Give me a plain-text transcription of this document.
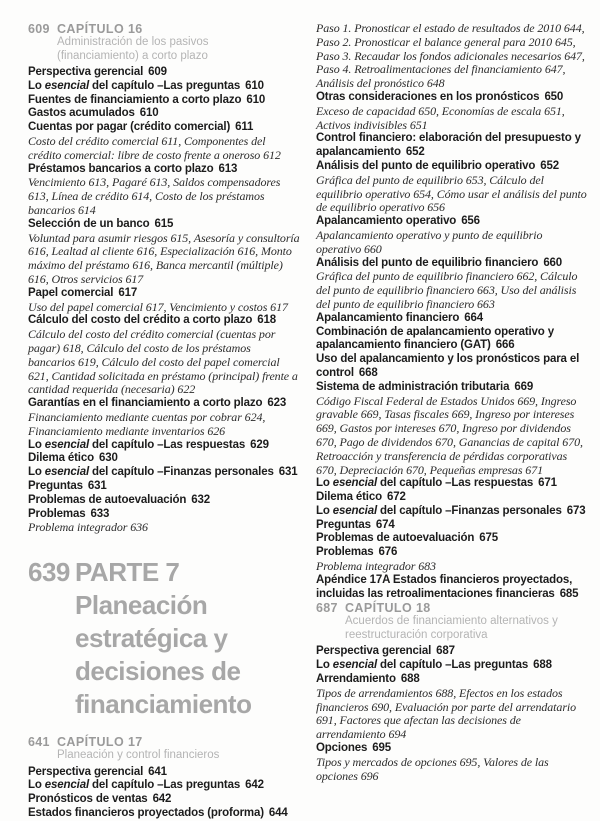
609 CAPÍTULO 16
Administración de los pasivos (financiamiento) a corto plazo

Perspectiva gerencial 609

Lo esencial del capítulo –Las preguntas 610

Fuentes de financiamiento a corto plazo 610

Gastos acumulados 610

Cuentas por pagar (crédito comercial) 611

Costo del crédito comercial 611, Componentes del crédito comercial: libre de costo frente a oneroso 612

Préstamos bancarios a corto plazo 613

Vencimiento 613, Pagaré 613, Saldos compensadores 613, Línea de crédito 614, Costo de los préstamos bancarios 614

Selección de un banco 615

Voluntad para asumir riesgos 615, Asesoría y consultoría 616, Lealtad al cliente 616, Especialización 616, Monto máximo del préstamo 616, Banca mercantil (múltiple) 616, Otros servicios 617

Papel comercial 617

Uso del papel comercial 617, Vencimiento y costos 617

Cálculo del costo del crédito a corto plazo 618

Cálculo del costo del crédito comercial (cuentas por pagar) 618, Cálculo del costo de los préstamos bancarios 619, Cálculo del costo del papel comercial 621, Cantidad solicitada en préstamo (principal) frente a cantidad requerida (necesaria) 622

Garantías en el financiamiento a corto plazo 623

Financiamiento mediante cuentas por cobrar 624, Financiamiento mediante inventarios 626

Lo esencial del capítulo –Las respuestas 629

Dilema ético 630

Lo esencial del capítulo –Finanzas personales 631

Preguntas 631

Problemas de autoevaluación 632

Problemas 633

Problema integrador 636

639 PARTE 7
Planeación estratégica y decisiones de financiamiento
641 CAPÍTULO 17
Planeación y control financieros

Perspectiva gerencial 641

Lo esencial del capítulo –Las preguntas 642

Pronósticos de ventas 642

Estados financieros proyectados (proforma) 644

Paso 1. Pronosticar el estado de resultados de 2010 644, Paso 2. Pronosticar el balance general para 2010 645, Paso 3. Recaudar los fondos adicionales necesarios 647, Paso 4. Retroalimentaciones del financiamiento 647, Análisis del pronóstico 648

Otras consideraciones en los pronósticos 650

Exceso de capacidad 650, Economías de escala 651, Activos indivisibles 651

Control financiero: elaboración del presupuesto y apalancamiento 652

Análisis del punto de equilibrio operativo 652

Gráfica del punto de equilibrio 653, Cálculo del equilibrio operativo 654, Cómo usar el análisis del punto de equilibrio operativo 656

Apalancamiento operativo 656

Apalancamiento operativo y punto de equilibrio operativo 660

Análisis del punto de equilibrio financiero 660

Gráfica del punto de equilibrio financiero 662, Cálculo del punto de equilibrio financiero 663, Uso del análisis del punto de equilibrio financiero 663

Apalancamiento financiero 664

Combinación de apalancamiento operativo y apalancamiento financiero (GAT) 666

Uso del apalancamiento y los pronósticos para el control 668

Sistema de administración tributaria 669

Código Fiscal Federal de Estados Unidos 669, Ingreso gravable 669, Tasas fiscales 669, Ingreso por intereses 669, Gastos por intereses 670, Ingreso por dividendos 670, Pago de dividendos 670, Ganancias de capital 670, Retroacción y transferencia de pérdidas corporativas 670, Depreciación 670, Pequeñas empresas 671

Lo esencial del capítulo –Las respuestas 671

Dilema ético 672

Lo esencial del capítulo –Finanzas personales 673

Preguntas 674

Problemas de autoevaluación 675

Problemas 676

Problema integrador 683

Apéndice 17A Estados financieros proyectados, incluidas las retroalimentaciones financieras 685

687 CAPÍTULO 18
Acuerdos de financiamiento alternativos y reestructuración corporativa

Perspectiva gerencial 687

Lo esencial del capítulo –Las preguntas 688

Arrendamiento 688

Tipos de arrendamientos 688, Efectos en los estados financieros 690, Evaluación por parte del arrendatario 691, Factores que afectan las decisiones de arrendamiento 694

Opciones 695

Tipos y mercados de opciones 695, Valores de las opciones 696
